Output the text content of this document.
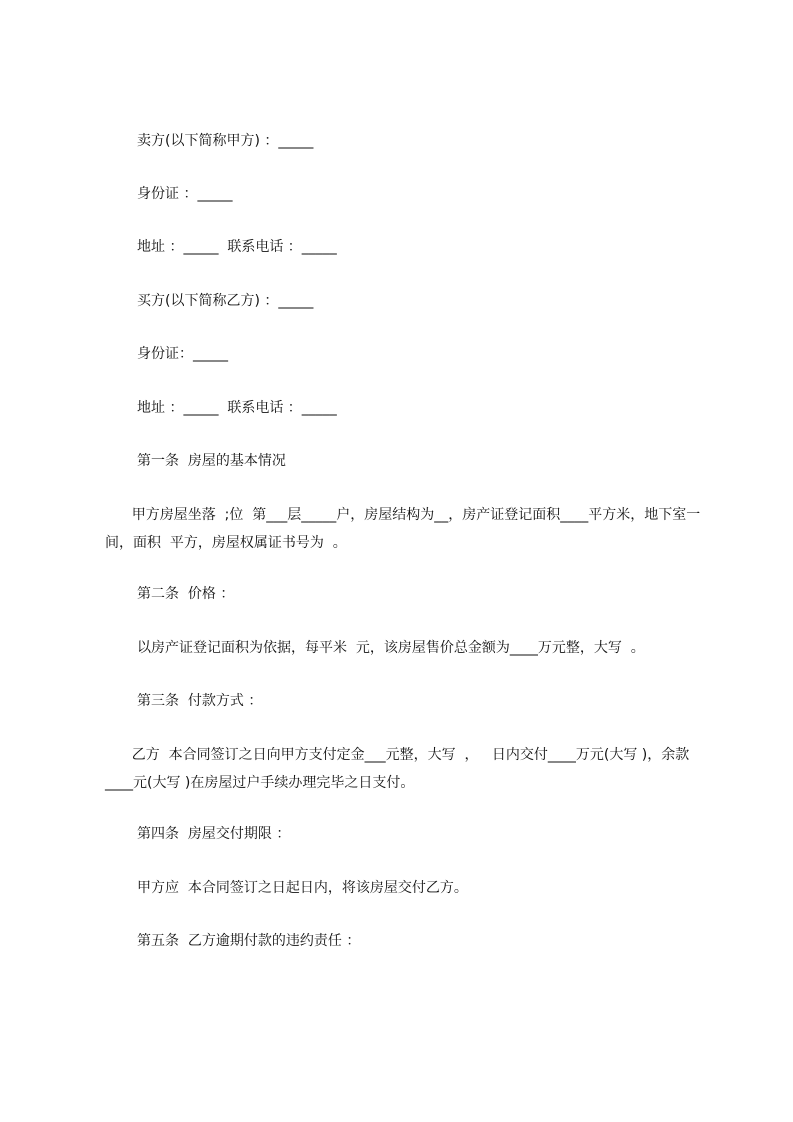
卖方(以下简称甲方) ：_____

身份证 ：_____

地址 ：_____  联系电话 ：_____

买方(以下简称乙方) ：_____

身份证：_____

地址 ：_____  联系电话 ：_____

第一条  房屋的基本情况

甲方房屋坐落  ;位  第___层_____户，房屋结构为__，房产证登记面积____平方米，地下室一间，面积  平方，房屋权属证书号为  。

第二条  价格 ：

以房产证登记面积为依据，每平米  元，该房屋售价总金额为____万元整，大写  。

第三条  付款方式 ：

乙方  本合同签订之日向甲方支付定金___元整，大写  ，   日内交付____万元(大写 )，余款____元(大写 )在房屋过户手续办理完毕之日支付。

第四条  房屋交付期限 ：

甲方应  本合同签订之日起日内，将该房屋交付乙方。

第五条  乙方逾期付款的违约责任 ：
